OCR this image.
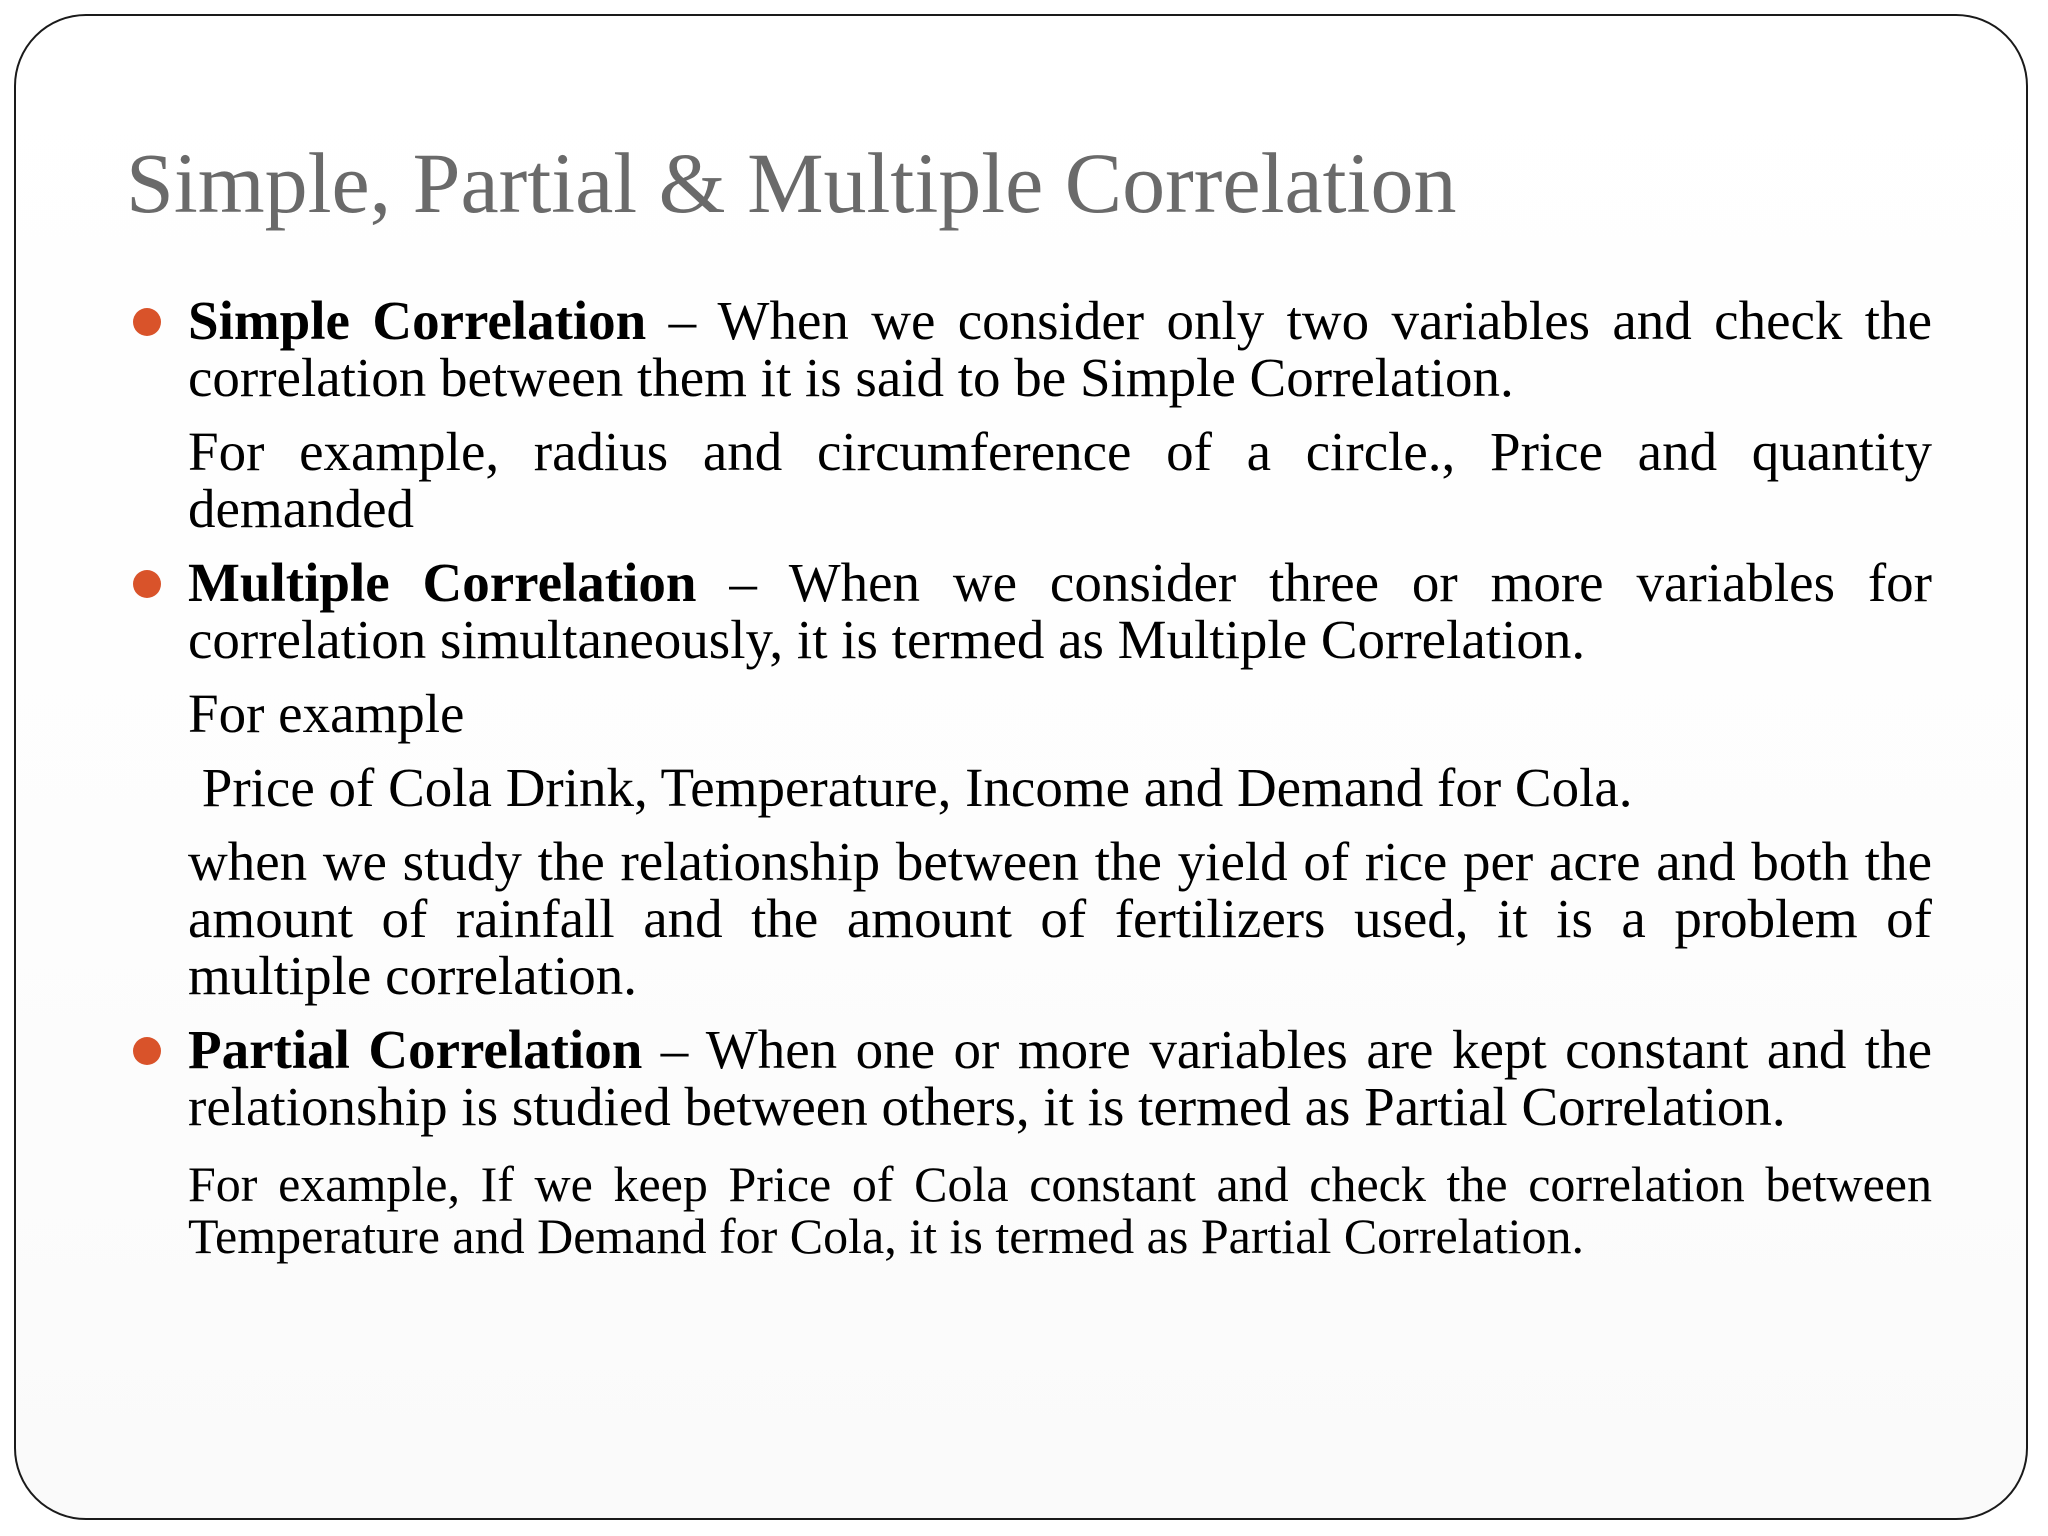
Simple, Partial & Multiple Correlation

Simple Correlation – When we consider only two variables and check the correlation between them it is said to be Simple Correlation.

For example, radius and circumference of a circle., Price and quantity demanded

Multiple Correlation – When we consider three or more variables for correlation simultaneously, it is termed as Multiple Correlation.

For example

Price of Cola Drink, Temperature, Income and Demand for Cola.

when we study the relationship between the yield of rice per acre and both the amount of rainfall and the amount of fertilizers used, it is a problem of multiple correlation.

Partial Correlation – When one or more variables are kept constant and the relationship is studied between others, it is termed as Partial Correlation.

For example, If we keep Price of Cola constant and check the correlation between Temperature and Demand for Cola, it is termed as Partial Correlation.
